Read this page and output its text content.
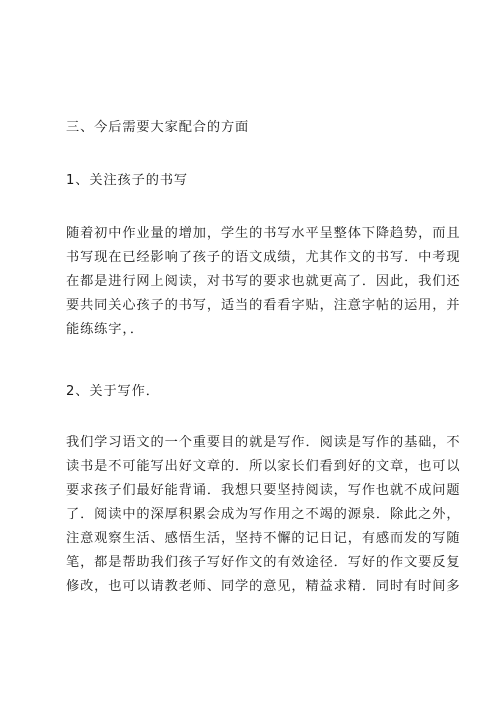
三、今后需要大家配合的方面
1、关注孩子的书写
随着初中作业量的增加，学生的书写水平呈整体下降趋势，而且
书写现在已经影响了孩子的语文成绩，尤其作文的书写．中考现
在都是进行网上阅读，对书写的要求也就更高了．因此，我们还
要共同关心孩子的书写，适当的看看字贴，注意字帖的运用，并
能练练字，．
2、关于写作．
我们学习语文的一个重要目的就是写作．阅读是写作的基础，不
读书是不可能写出好文章的．所以家长们看到好的文章，也可以
要求孩子们最好能背诵．我想只要坚持阅读，写作也就不成问题
了．阅读中的深厚积累会成为写作用之不竭的源泉．除此之外，
注意观察生活、感悟生活，坚持不懈的记日记，有感而发的写随
笔，都是帮助我们孩子写好作文的有效途径．写好的作文要反复
修改，也可以请教老师、同学的意见，精益求精．同时有时间多
